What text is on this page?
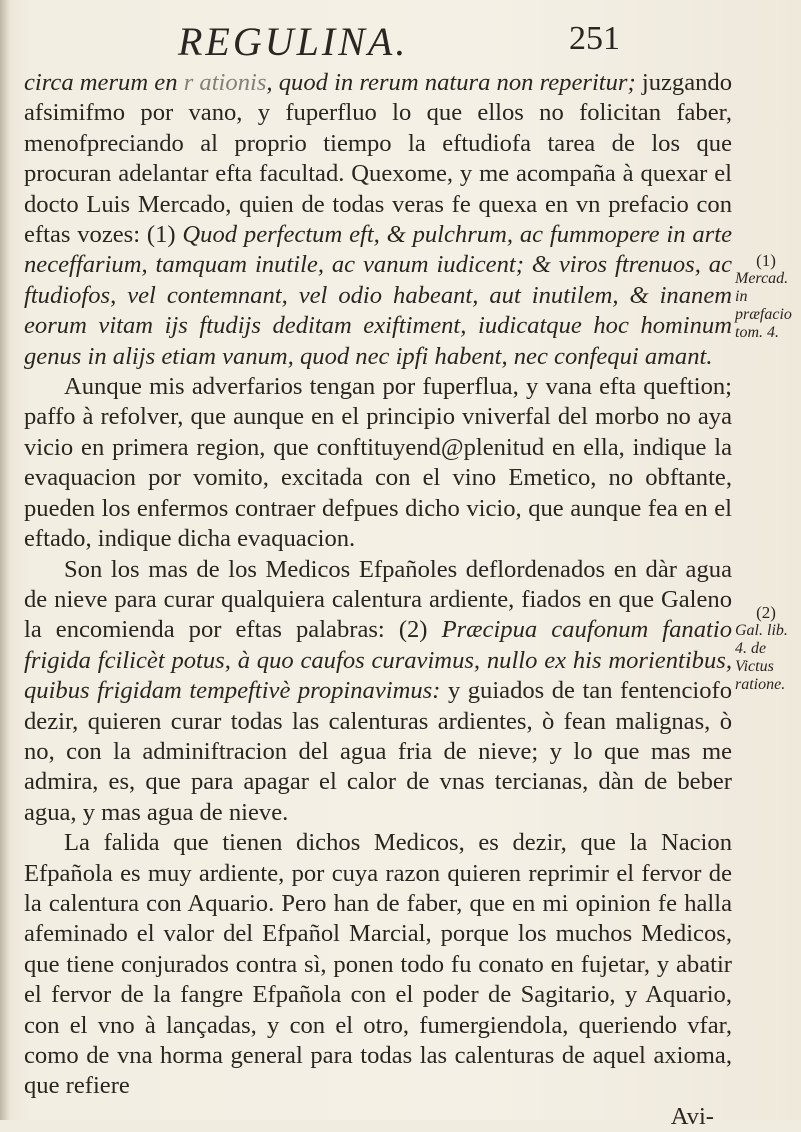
REGULINA.	251

circa merum en r ationis, quod in rerum natura non reperitur; juzgando afsimifmo por vano, y fuperfluo lo que ellos no folicitan faber, menofpreciando al proprio tiempo la eftudiofa tarea de los que procuran adelantar efta facultad. Quexome, y me acompaña à quexar el docto Luis Mercado, quien de todas veras fe quexa en vn prefacio con eftas vozes: (1) Quod perfectum eft, & pulchrum, ac fummopere in arte neceffarium, tamquam inutile, ac vanum iudicent; & viros ftrenuos, ac ftudiofos, vel contemnant, vel odio habeant, aut inutilem, & inanem eorum vitam ijs ftudijs deditam exiftiment, iudicatque hoc hominum genus in alijs etiam vanum, quod nec ipfi habent, nec confequi amant.

Aunque mis adverfarios tengan por fuperflua, y vana efta queftion; paffo à refolver, que aunque en el principio vniverfal del morbo no aya vicio en primera region, que conftituyend@plenitud en ella, indique la evaquacion por vomito, excitada con el vino Emetico, no obftante, pueden los enfermos contraer defpues dicho vicio, que aunque fea en el eftado, indique dicha evaquacion.

Son los mas de los Medicos Efpañoles deflordenados en dàr agua de nieve para curar qualquiera calentura ardiente, fiados en que Galeno la encomienda por eftas palabras: (2) Præcipua caufonum fanatio frigida fcilicèt potus, à quo caufos curavimus, nullo ex his morientibus, quibus frigidam tempeftivè propinavimus: y guiados de tan fentenciofo dezir, quieren curar todas las calenturas ardientes, ò fean malignas, ò no, con la adminiftracion del agua fria de nieve; y lo que mas me admira, es, que para apagar el calor de vnas tercianas, dàn de beber agua, y mas agua de nieve.

La falida que tienen dichos Medicos, es dezir, que la Nacion Efpañola es muy ardiente, por cuya razon quieren reprimir el fervor de la calentura con Aquario. Pero han de faber, que en mi opinion fe halla afeminado el valor del Efpañol Marcial, porque los muchos Medicos, que tiene conjurados contra sì, ponen todo fu conato en fujetar, y abatir el fervor de la fangre Efpañola con el poder de Sagitario, y Aquario, con el vno à lançadas, y con el otro, fumergiendola, queriendo vfar, como de vna horma general para todas las calenturas de aquel axioma, que refiere

Avi-

(1)
Mercad. in præfacio tom. 4.
(2)
Gal. lib. 4. de Victus ratione.
